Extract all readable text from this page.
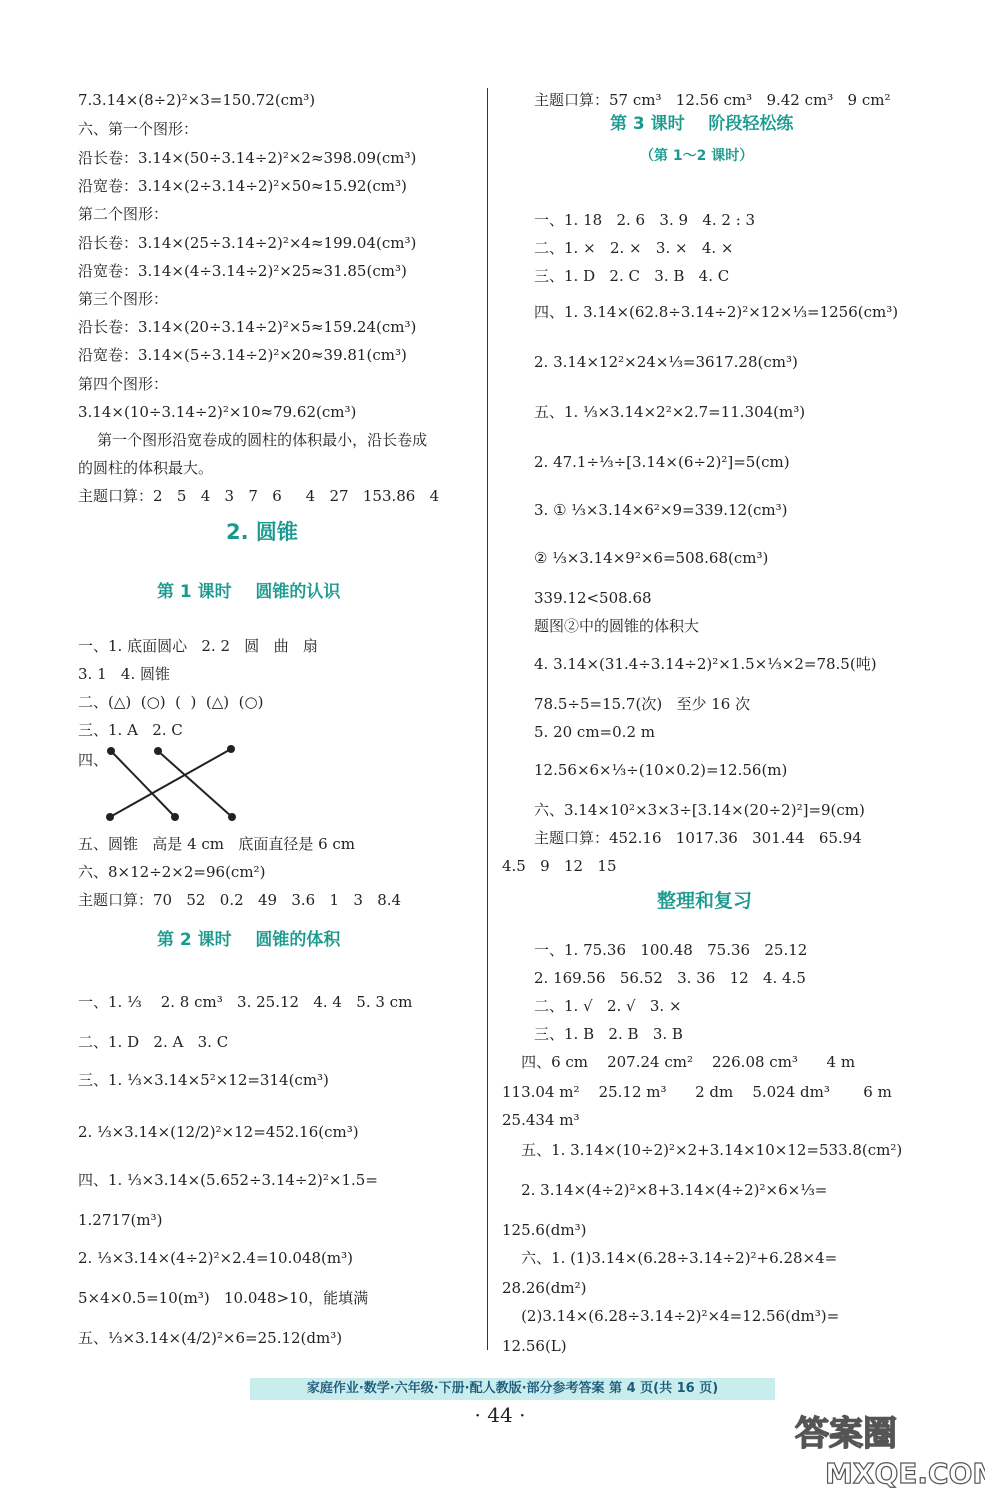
7.3.14×(8÷2)²×3=150.72(cm³)
六、第一个图形：
沿长卷：3.14×(50÷3.14÷2)²×2≈398.09(cm³)
沿宽卷：3.14×(2÷3.14÷2)²×50≈15.92(cm³)
第二个图形：
沿长卷：3.14×(25÷3.14÷2)²×4≈199.04(cm³)
沿宽卷：3.14×(4÷3.14÷2)²×25≈31.85(cm³)
第三个图形：
沿长卷：3.14×(20÷3.14÷2)²×5≈159.24(cm³)
沿宽卷：3.14×(5÷3.14÷2)²×20≈39.81(cm³)
第四个图形：
3.14×(10÷3.14÷2)²×10≈79.62(cm³)
第一个图形沿宽卷成的圆柱的体积最小，沿长卷成
的圆柱的体积最大。
主题口算：2   5   4   3   7   6     4   27   153.86   4
一、1. 底面圆心   2. 2   圆   曲   扇
3. 1   4. 圆锥
二、(△)  (○)  (  )  (△)  (○)
三、1. A   2. C
四、
五、圆锥   高是 4 cm   底面直径是 6 cm
六、8×12÷2×2=96(cm²)
主题口算：70   52   0.2   49   3.6   1   3   8.4
一、1. ⅓    2. 8 cm³   3. 25.12   4. 4   5. 3 cm
二、1. D   2. A   3. C
三、1. ⅓×3.14×5²×12=314(cm³)
2. ⅓×3.14×(12/2)²×12=452.16(cm³)
四、1. ⅓×3.14×(5.652÷3.14÷2)²×1.5=
1.2717(m³)
2. ⅓×3.14×(4÷2)²×2.4=10.048(m³)
5×4×0.5=10(m³)   10.048>10，能填满
五、⅓×3.14×(4/2)²×6=25.12(dm³)
主题口算：57 cm³   12.56 cm³   9.42 cm³   9 cm²
一、1. 18   2. 6   3. 9   4. 2 : 3
二、1. ×   2. ×   3. ×   4. ×
三、1. D   2. C   3. B   4. C
四、1. 3.14×(62.8÷3.14÷2)²×12×⅓=1256(cm³)
2. 3.14×12²×24×⅓=3617.28(cm³)
五、1. ⅓×3.14×2²×2.7=11.304(m³)
2. 47.1÷⅓÷[3.14×(6÷2)²]=5(cm)
3. ① ⅓×3.14×6²×9=339.12(cm³)
② ⅓×3.14×9²×6=508.68(cm³)
339.12<508.68
题图②中的圆锥的体积大
4. 3.14×(31.4÷3.14÷2)²×1.5×⅓×2=78.5(吨)
78.5÷5=15.7(次)   至少 16 次
5. 20 cm=0.2 m
12.56×6×⅓÷(10×0.2)=12.56(m)
六、3.14×10²×3×3÷[3.14×(20÷2)²]=9(cm)
主题口算：452.16   1017.36   301.44   65.94
4.5   9   12   15
一、1. 75.36   100.48   75.36   25.12
2. 169.56   56.52   3. 36   12   4. 4.5
二、1. √   2. √   3. ×
三、1. B   2. B   3. B
四、6 cm    207.24 cm²    226.08 cm³      4 m
113.04 m²    25.12 m³      2 dm    5.024 dm³       6 m
25.434 m³
五、1. 3.14×(10÷2)²×2+3.14×10×12=533.8(cm²)
2. 3.14×(4÷2)²×8+3.14×(4÷2)²×6×⅓=
125.6(dm³)
六、1. (1)3.14×(6.28÷3.14÷2)²+6.28×4=
28.26(dm²)
(2)3.14×(6.28÷3.14÷2)²×4=12.56(dm³)=
12.56(L)
第 3 课时    阶段轻松练
（第 1～2 课时）
2. 圆锥
第 1 课时    圆锥的认识
第 2 课时    圆锥的体积
整理和复习
家庭作业·数学·六年级·下册·配人教版·部分参考答案 第 4 页(共 16 页)
· 44 ·	答案圈
MXQE.COM
